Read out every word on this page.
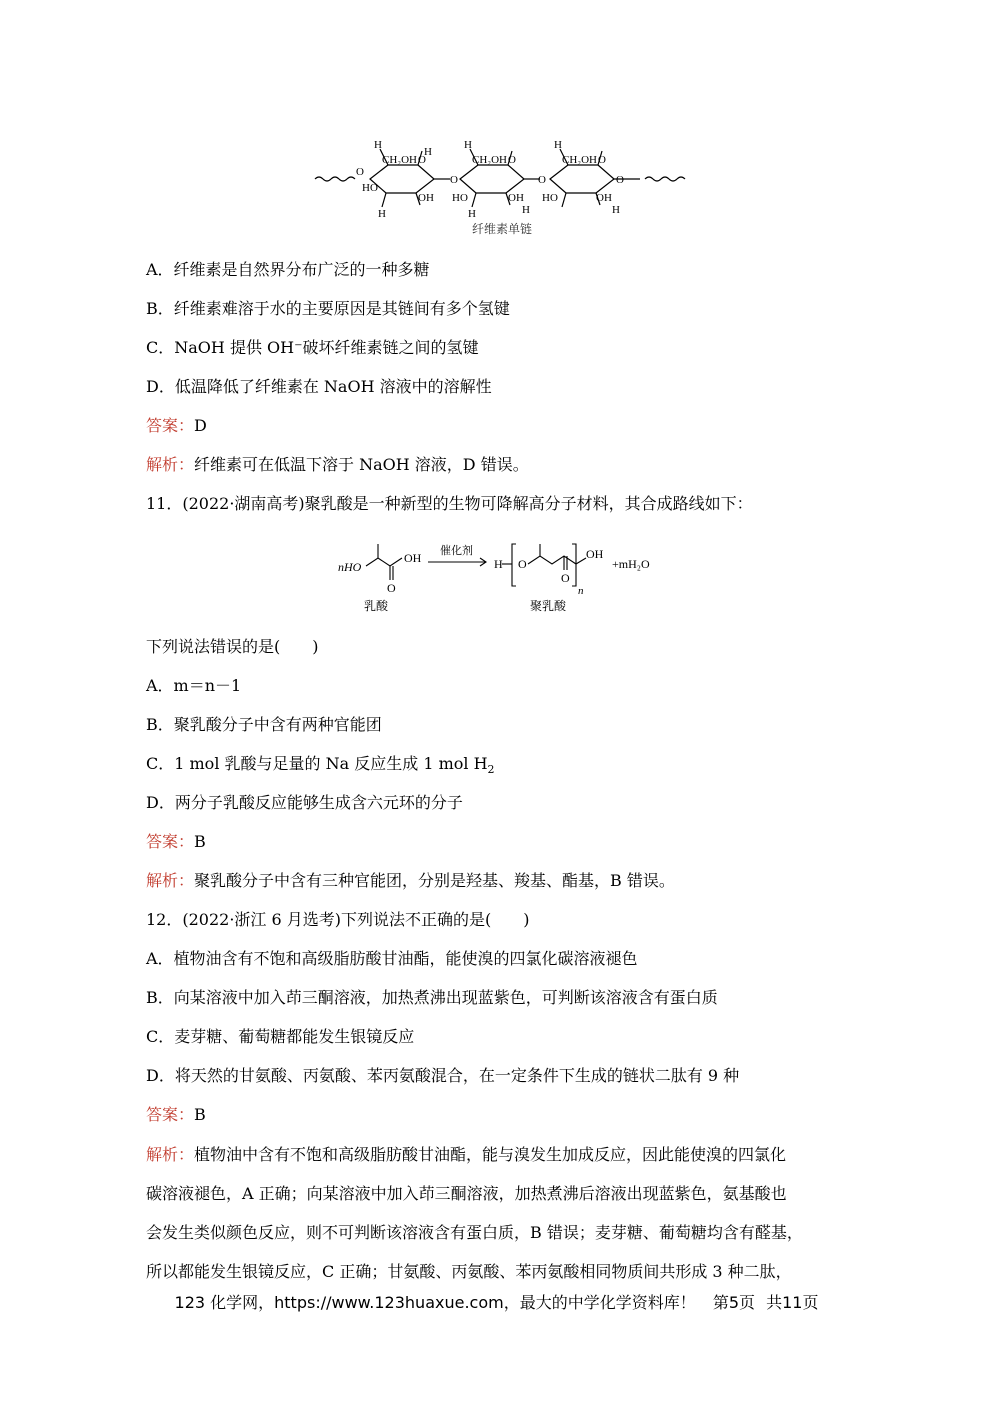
H
CH₂OH O
O
HO
OH
O
H
CH₂OH O
HO	OH
O
H
CH₂OH O
HO	OH
O
H
H	H	H	H
纤维素单链
A．纤维素是自然界分布广泛的一种多糖
B．纤维素难溶于水的主要原因是其链间有多个氢键
C．NaOH 提供 OH⁻破坏纤维素链之间的氢键
D．低温降低了纤维素在 NaOH 溶液中的溶解性
答案：D
解析：纤维素可在低温下溶于 NaOH 溶液，D 错误。
11．(2022·湖南高考)聚乳酸是一种新型的生物可降解高分子材料，其合成路线如下：
nHO
OH
O
催化剂
H O
O
n
OH
+mH₂O
乳酸	聚乳酸
下列说法错误的是(　　)
A．m＝n－1
B．聚乳酸分子中含有两种官能团
C．1 mol 乳酸与足量的 Na 反应生成 1 mol $H_2$
D．两分子乳酸反应能够生成含六元环的分子
答案：B
解析：聚乳酸分子中含有三种官能团，分别是羟基、羧基、酯基，B 错误。
12．(2022·浙江 6 月选考)下列说法不正确的是(　　)
A．植物油含有不饱和高级脂肪酸甘油酯，能使溴的四氯化碳溶液褪色
B．向某溶液中加入茚三酮溶液，加热煮沸出现蓝紫色，可判断该溶液含有蛋白质
C．麦芽糖、葡萄糖都能发生银镜反应
D．将天然的甘氨酸、丙氨酸、苯丙氨酸混合，在一定条件下生成的链状二肽有 9 种
答案：B
解析：植物油中含有不饱和高级脂肪酸甘油酯，能与溴发生加成反应，因此能使溴的四氯化
碳溶液褪色，A 正确；向某溶液中加入茚三酮溶液，加热煮沸后溶液出现蓝紫色，氨基酸也
会发生类似颜色反应，则不可判断该溶液含有蛋白质，B 错误；麦芽糖、葡萄糖均含有醛基，
所以都能发生银镜反应，C 正确；甘氨酸、丙氨酸、苯丙氨酸相同物质间共形成 3 种二肽，
123 化学网，https://www.123huaxue.com，最大的中学化学资料库！ 第5页 共11页
